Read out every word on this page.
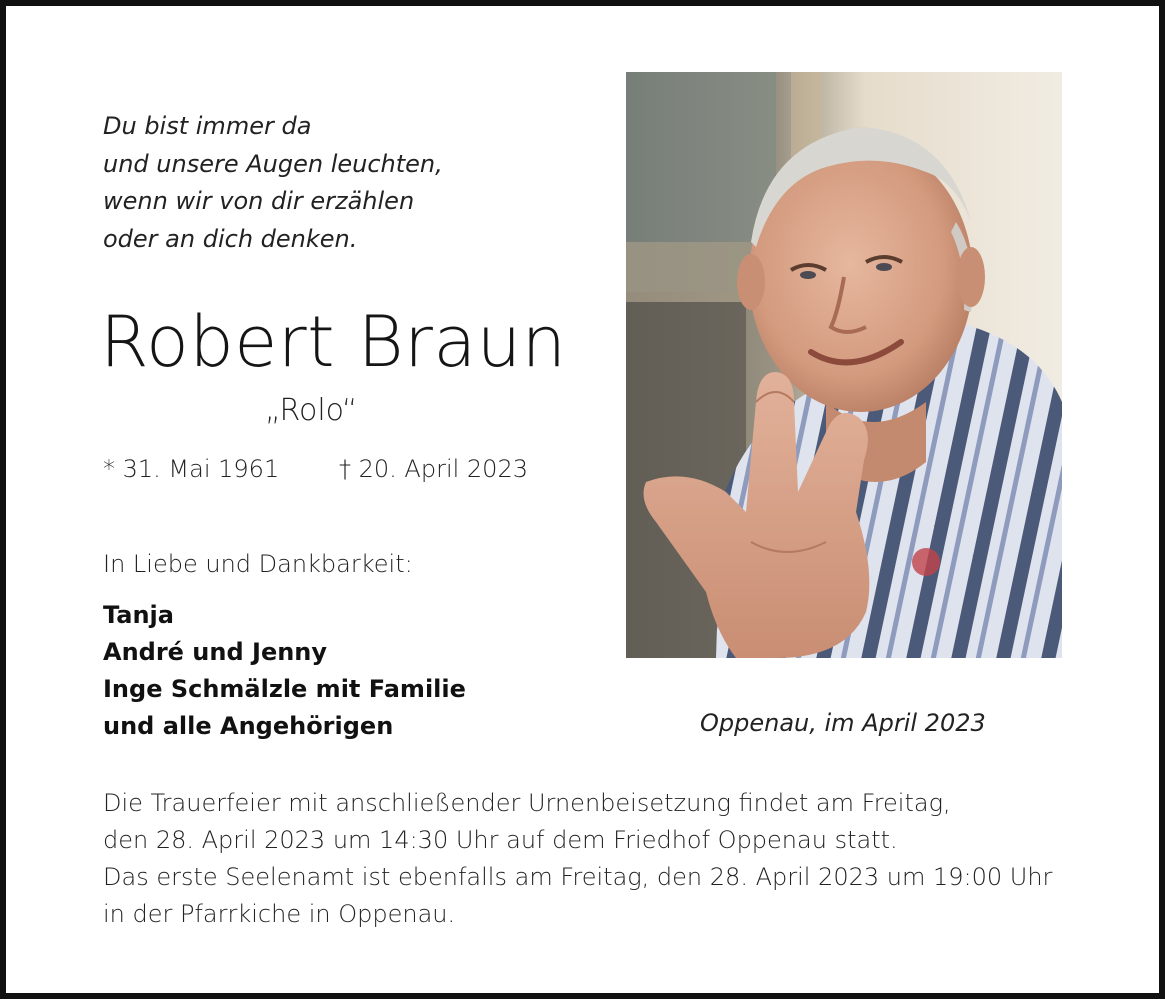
Du bist immer da
und unsere Augen leuchten,
wenn wir von dir erzählen
oder an dich denken.
Robert Braun
„Rolo“
* 31. Mai 1961 † 20. April 2023
In Liebe und Dankbarkeit:
Tanja
André und Jenny
Inge Schmälzle mit Familie
und alle Angehörigen	Oppenau, im April 2023
Die Trauerfeier mit anschließender Urnenbeisetzung findet am Freitag,
den 28. April 2023 um 14:30 Uhr auf dem Friedhof Oppenau statt.
Das erste Seelenamt ist ebenfalls am Freitag, den 28. April 2023 um 19:00 Uhr
in der Pfarrkiche in Oppenau.
